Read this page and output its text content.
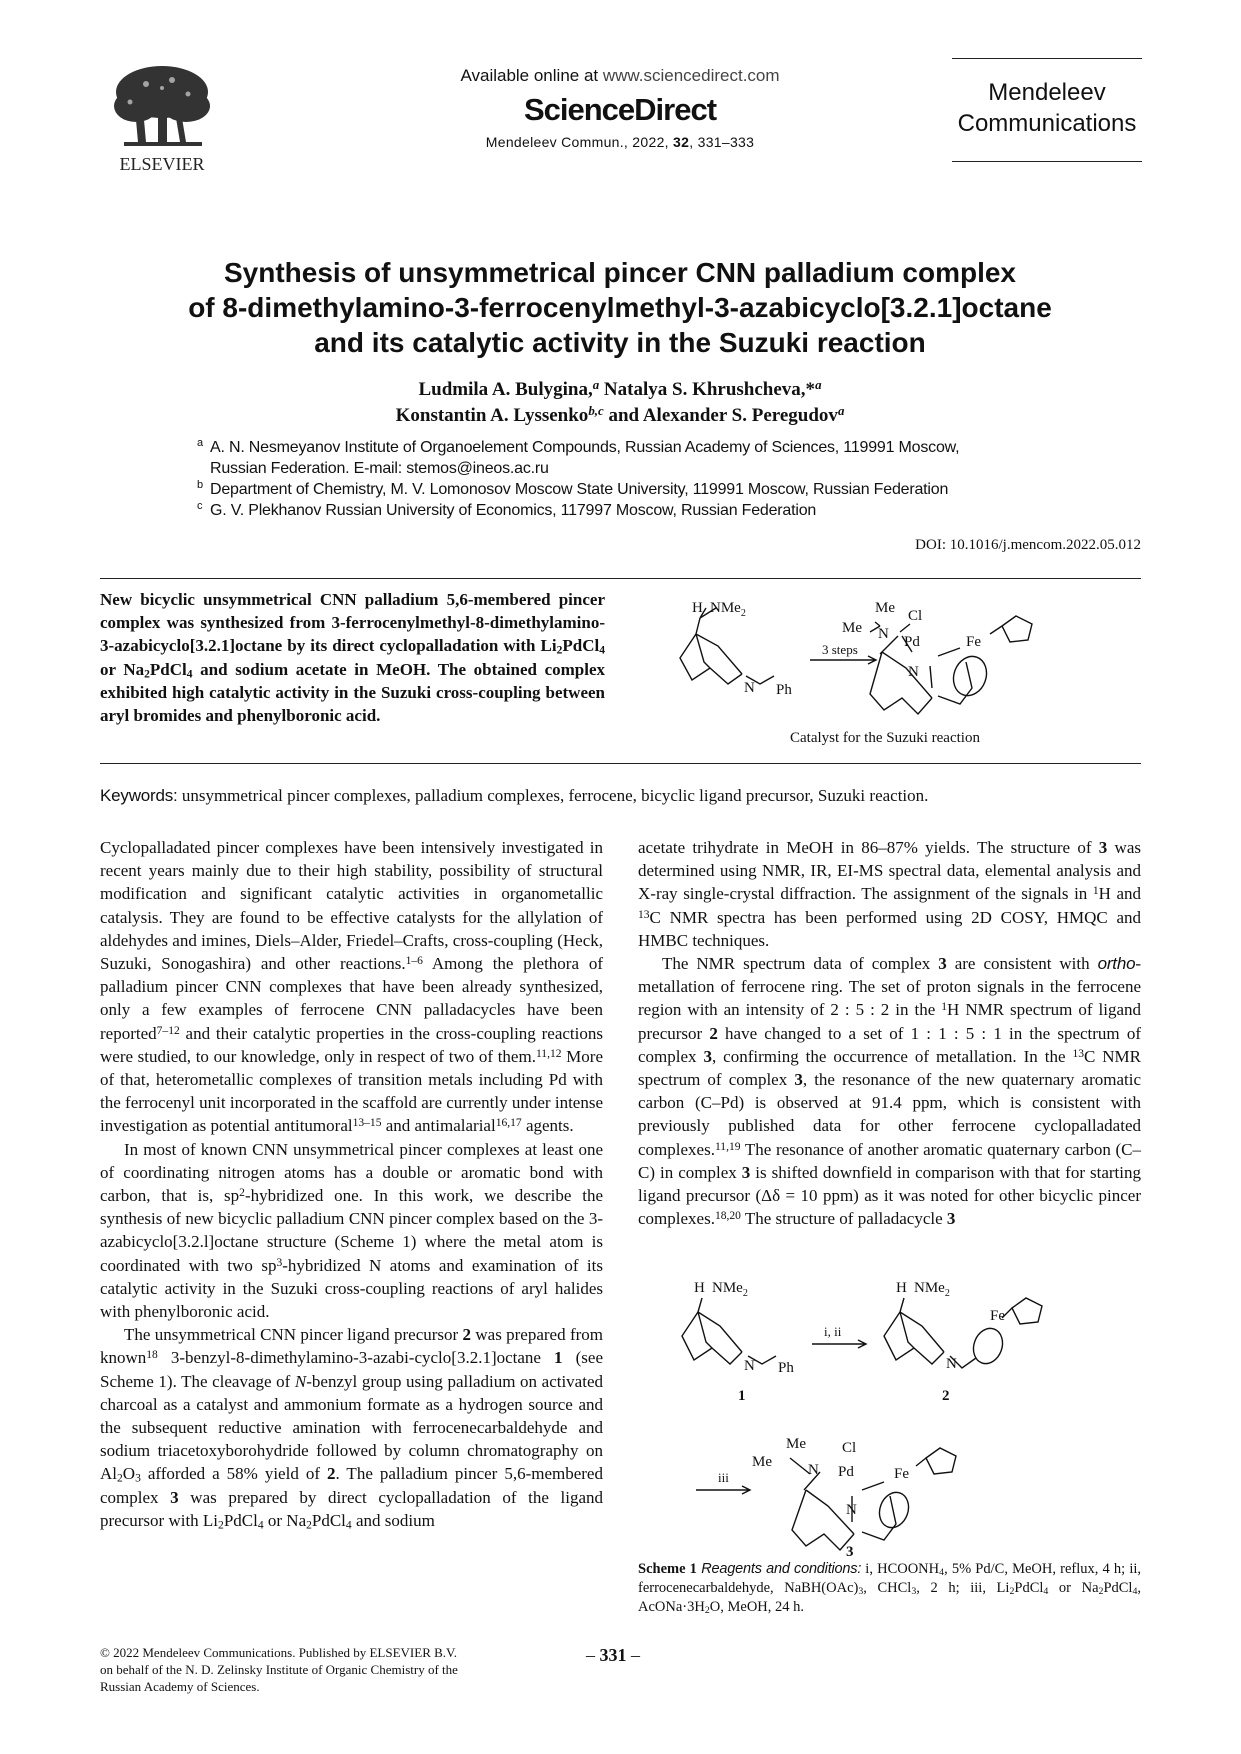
ELSEVIER
Available online at www.sciencedirect.com
ScienceDirect
Mendeleev Commun., 2022, 32, 331–333
Mendeleev
Communications
Synthesis of unsymmetrical pincer CNN palladium complex
of 8-dimethylamino-3-ferrocenylmethyl-3-azabicyclo[3.2.1]octane
and its catalytic activity in the Suzuki reaction
Ludmila A. Bulygina,$^a$ Natalya S. Khrushcheva,*$^a$
Konstantin A. Lyssenko$^{b,c}$ and Alexander S. Peregudov$^a$
a A. N. Nesmeyanov Institute of Organoelement Compounds, Russian Academy of Sciences, 119991 Moscow,
Russian Federation. E-mail: stemos@ineos.ac.ru
b Department of Chemistry, M. V. Lomonosov Moscow State University, 119991 Moscow, Russian Federation
c G. V. Plekhanov Russian University of Economics, 117997 Moscow, Russian Federation
DOI: 10.1016/j.mencom.2022.05.012
New bicyclic unsymmetrical CNN palladium 5,6-membered pincer complex was synthesized from 3-ferrocenylmethyl-8-dimethylamino-3-azabicyclo[3.2.1]octane by its direct cyclopalladation with $Li_2PdCl_4$ or $Na_2PdCl_4$ and sodium acetate in MeOH. The obtained complex exhibited high catalytic activity in the Suzuki cross-coupling between aryl bromides and phenylboronic acid.
H NMe$_2$
N Ph
3 steps
Me
Me N
Cl
Pd
N
Fe
Catalyst for the Suzuki reaction
Keywords: unsymmetrical pincer complexes, palladium complexes, ferrocene, bicyclic ligand precursor, Suzuki reaction.

Cyclopalladated pincer complexes have been intensively investigated in recent years mainly due to their high stability, possibility of structural modification and significant catalytic activities in organometallic catalysis. They are found to be effective catalysts for the allylation of aldehydes and imines, Diels–Alder, Friedel–Crafts, cross-coupling (Heck, Suzuki, Sonogashira) and other reactions.$^{1-6}$ Among the plethora of palladium pincer CNN complexes that have been already synthesized, only a few examples of ferrocene CNN palladacycles have been reported$^{7-12}$ and their catalytic properties in the cross-coupling reactions were studied, to our knowledge, only in respect of two of them.$^{11,12}$ More of that, heterometallic complexes of transition metals including Pd with the ferrocenyl unit incorporated in the scaffold are currently under intense investigation as potential antitumoral$^{13-15}$ and antimalarial$^{16,17}$ agents.

In most of known CNN unsymmetrical pincer complexes at least one of coordinating nitrogen atoms has a double or aromatic bond with carbon, that is, $sp^2$-hybridized one. In this work, we describe the synthesis of new bicyclic palladium CNN pincer complex based on the 3-azabicyclo[3.2.l]octane structure (Scheme 1) where the metal atom is coordinated with two $sp^3$-hybridized N atoms and examination of its catalytic activity in the Suzuki cross-coupling reactions of aryl halides with phenylboronic acid.

The unsymmetrical CNN pincer ligand precursor 2 was prepared from known$^{18}$ 3-benzyl-8-dimethylamino-3-azabi-cyclo[3.2.1]octane 1 (see Scheme 1). The cleavage of N-benzyl group using palladium on activated charcoal as a catalyst and ammonium formate as a hydrogen source and the subsequent reductive amination with ferrocenecarbaldehyde and sodium triacetoxyborohydride followed by column chromatography on $Al_2O_3$ afforded a 58% yield of 2. The palladium pincer 5,6-membered complex 3 was prepared by direct cyclopalladation of the ligand precursor with $Li_2PdCl_4$ or $Na_2PdCl_4$ and sodium

acetate trihydrate in MeOH in 86–87% yields. The structure of 3 was determined using NMR, IR, EI-MS spectral data, elemental analysis and X-ray single-crystal diffraction. The assignment of the signals in $^1$H and $^{13}$C NMR spectra has been performed using 2D COSY, HMQC and HMBC techniques.

The NMR spectrum data of complex 3 are consistent with ortho-metallation of ferrocene ring. The set of proton signals in the ferrocene region with an intensity of 2 : 5 : 2 in the $^1$H NMR spectrum of ligand precursor 2 have changed to a set of 1 : 1 : 5 : 1 in the spectrum of complex 3, confirming the occurrence of metallation. In the $^{13}$C NMR spectrum of complex 3, the resonance of the new quaternary aromatic carbon (C–Pd) is observed at 91.4 ppm, which is consistent with previously published data for other ferrocene cyclopalladated complexes.$^{11,19}$ The resonance of another aromatic quaternary carbon (C–C) in complex 3 is shifted downfield in comparison with that for starting ligand precursor (Δδ = 10 ppm) as it was noted for other bicyclic pincer complexes.$^{18,20}$ The structure of palladacycle 3

H NMe$_2$
N Ph
1
i, ii
H NMe$_2$
N
Fe
2
iii
Me
Me N
Cl
Pd
N
Fe
3
Scheme 1 Reagents and conditions: i, $HCOONH_4$, 5% Pd/C, MeOH, reflux, 4 h; ii, ferrocenecarbaldehyde, $NaBH(OAc)_3$, CHCl$_3$, 2 h; iii, $Li_2PdCl_4$ or $Na_2PdCl_4$, $AcONa\cdot 3H_2O$, MeOH, 24 h.
© 2022 Mendeleev Communications. Published by ELSEVIER B.V.
on behalf of the N. D. Zelinsky Institute of Organic Chemistry of the
Russian Academy of Sciences.
– 331 –
